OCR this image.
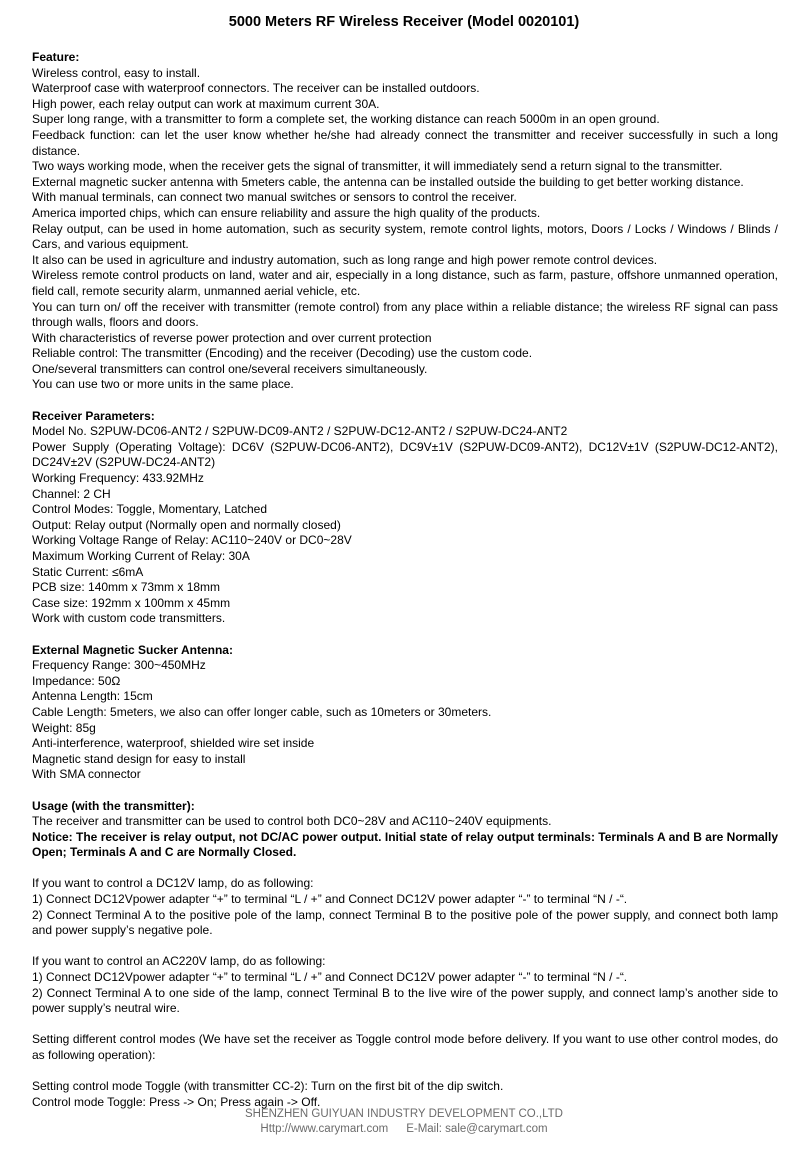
5000 Meters RF Wireless Receiver (Model 0020101)

Feature:

Wireless control, easy to install.

Waterproof case with waterproof connectors. The receiver can be installed outdoors.

High power, each relay output can work at maximum current 30A.

Super long range, with a transmitter to form a complete set, the working distance can reach 5000m in an open ground.

Feedback function: can let the user know whether he/she had already connect the transmitter and receiver successfully in such a long distance.

Two ways working mode, when the receiver gets the signal of transmitter, it will immediately send a return signal to the transmitter.

External magnetic sucker antenna with 5meters cable, the antenna can be installed outside the building to get better working distance.

With manual terminals, can connect two manual switches or sensors to control the receiver.

America imported chips, which can ensure reliability and assure the high quality of the products.

Relay output, can be used in home automation, such as security system, remote control lights, motors, Doors / Locks / Windows / Blinds / Cars, and various equipment.

It also can be used in agriculture and industry automation, such as long range and high power remote control devices.

Wireless remote control products on land, water and air, especially in a long distance, such as farm, pasture, offshore unmanned operation, field call, remote security alarm, unmanned aerial vehicle, etc.

You can turn on/ off the receiver with transmitter (remote control) from any place within a reliable distance; the wireless RF signal can pass through walls, floors and doors.

With characteristics of reverse power protection and over current protection

Reliable control: The transmitter (Encoding) and the receiver (Decoding) use the custom code.

One/several transmitters can control one/several receivers simultaneously.

You can use two or more units in the same place.

Receiver Parameters:

Model No. S2PUW-DC06-ANT2 / S2PUW-DC09-ANT2 / S2PUW-DC12-ANT2 / S2PUW-DC24-ANT2

Power Supply (Operating Voltage): DC6V (S2PUW-DC06-ANT2), DC9V±1V (S2PUW-DC09-ANT2), DC12V±1V (S2PUW-DC12-ANT2), DC24V±2V (S2PUW-DC24-ANT2)

Working Frequency: 433.92MHz

Channel: 2 CH

Control Modes: Toggle, Momentary, Latched

Output: Relay output (Normally open and normally closed)

Working Voltage Range of Relay: AC110~240V or DC0~28V

Maximum Working Current of Relay: 30A

Static Current: ≤6mA

PCB size: 140mm x 73mm x 18mm

Case size: 192mm x 100mm x 45mm

Work with custom code transmitters.

External Magnetic Sucker Antenna:

Frequency Range: 300~450MHz

Impedance: 50Ω

Antenna Length: 15cm

Cable Length: 5meters, we also can offer longer cable, such as 10meters or 30meters.

Weight: 85g

Anti-interference, waterproof, shielded wire set inside

Magnetic stand design for easy to install

With SMA connector

Usage (with the transmitter):

The receiver and transmitter can be used to control both DC0~28V and AC110~240V equipments.

Notice: The receiver is relay output, not DC/AC power output. Initial state of relay output terminals: Terminals A and B are Normally Open; Terminals A and C are Normally Closed.

If you want to control a DC12V lamp, do as following:

1) Connect DC12Vpower adapter “+” to terminal “L / +” and Connect DC12V power adapter “-” to terminal “N / -“.

2) Connect Terminal A to the positive pole of the lamp, connect Terminal B to the positive pole of the power supply, and connect both lamp and power supply’s negative pole.

If you want to control an AC220V lamp, do as following:

1) Connect DC12Vpower adapter “+” to terminal “L / +” and Connect DC12V power adapter “-” to terminal “N / -“.

2) Connect Terminal A to one side of the lamp, connect Terminal B to the live wire of the power supply, and connect lamp’s another side to power supply’s neutral wire.

Setting different control modes (We have set the receiver as Toggle control mode before delivery. If you want to use other control modes, do as following operation):

Setting control mode Toggle (with transmitter CC-2): Turn on the first bit of the dip switch.

Control mode Toggle: Press -> On; Press again -> Off.

SHENZHEN GUIYUAN INDUSTRY DEVELOPMENT CO.,LTD
Http://www.carymart.com E-Mail: sale@carymart.com
